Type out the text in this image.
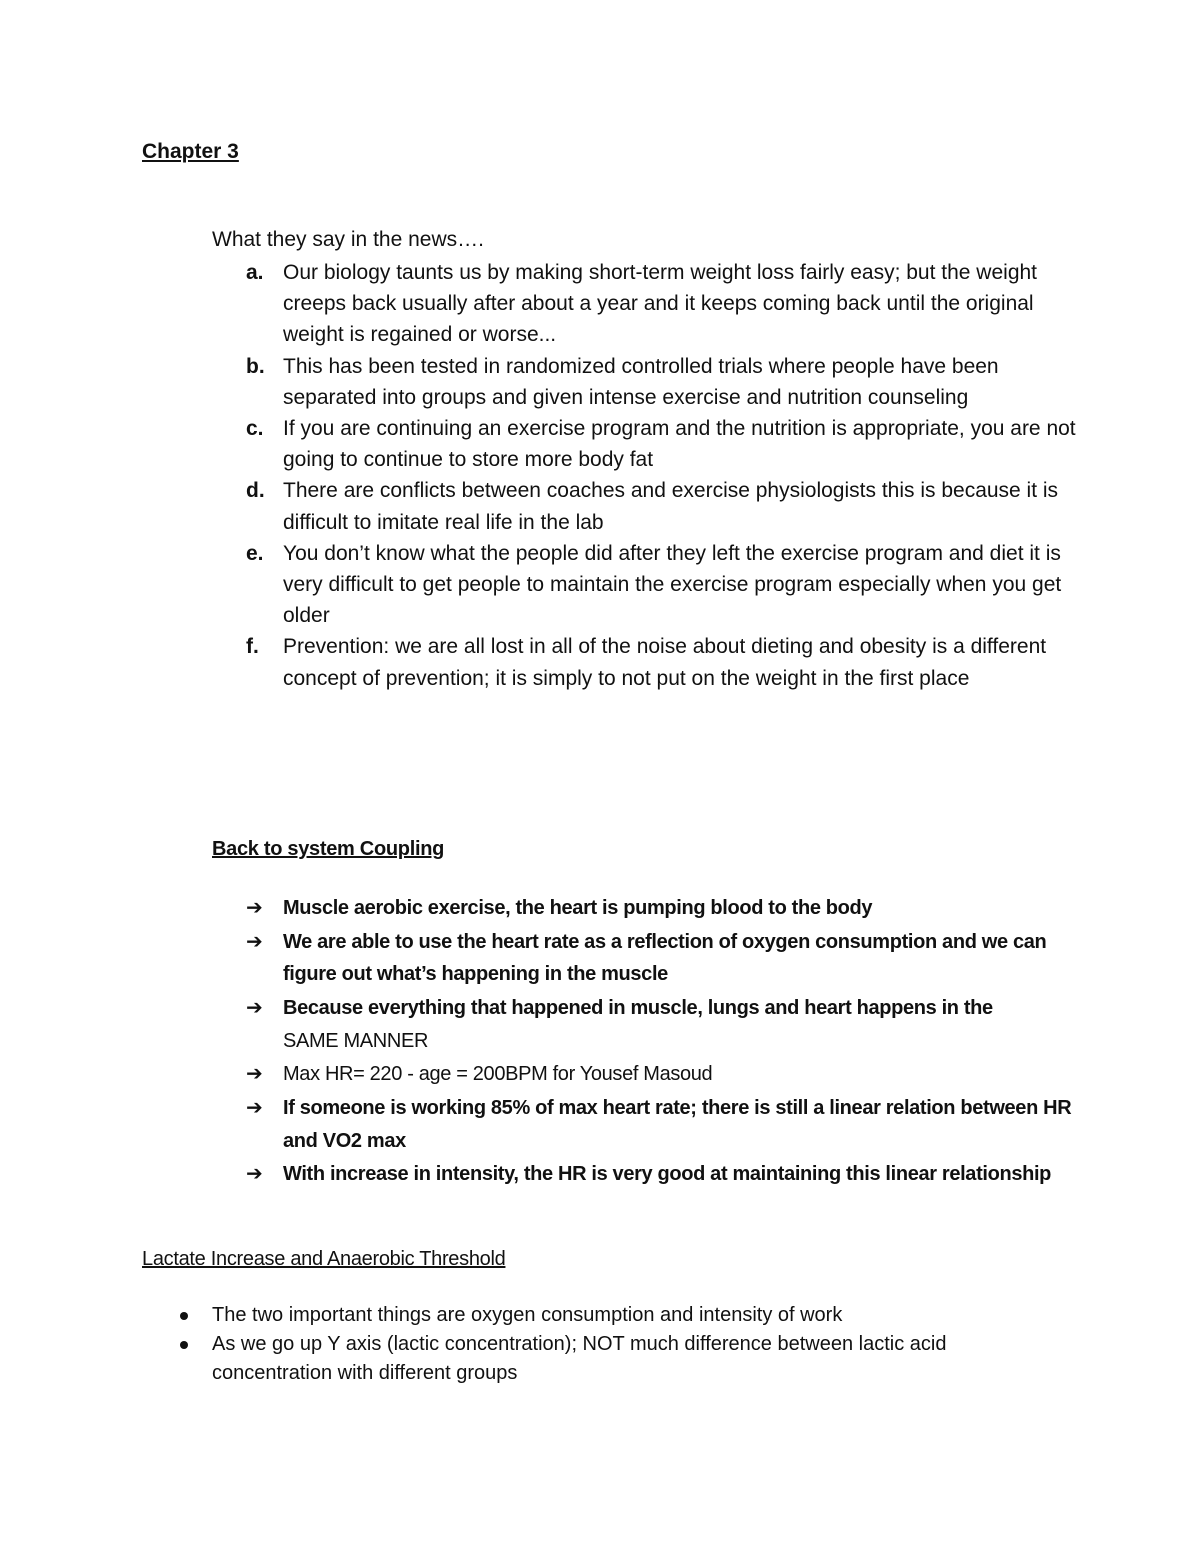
Chapter 3
What they say in the news….
a. Our biology taunts us by making short-term weight loss fairly easy; but the weight creeps back usually after about a year and it keeps coming back until the original weight is regained or worse...
b. This has been tested in randomized controlled trials where people have been separated into groups and given intense exercise and nutrition counseling
c. If you are continuing an exercise program and the nutrition is appropriate, you are not going to continue to store more body fat
d. There are conflicts between coaches and exercise physiologists this is because it is difficult to imitate real life in the lab
e. You don’t know what the people did after they left the exercise program and diet it is very difficult to get people to maintain the exercise program especially when you get older
f. Prevention: we are all lost in all of the noise about dieting and obesity is a different concept of prevention; it is simply to not put on the weight in the first place
Back to system Coupling
➔ Muscle aerobic exercise, the heart is pumping blood to the body
➔ We are able to use the heart rate as a reflection of oxygen consumption and we can figure out what’s happening in the muscle
➔ Because everything that happened in muscle, lungs and heart happens in the
SAME MANNER
➔ Max HR= 220 - age = 200BPM for Yousef Masoud
➔ If someone is working 85% of max heart rate; there is still a linear relation between HR and VO2 max
➔ With increase in intensity, the HR is very good at maintaining this linear relationship
Lactate Increase and Anaerobic Threshold
The two important things are oxygen consumption and intensity of work
As we go up Y axis (lactic concentration); NOT much difference between lactic acid concentration with different groups
